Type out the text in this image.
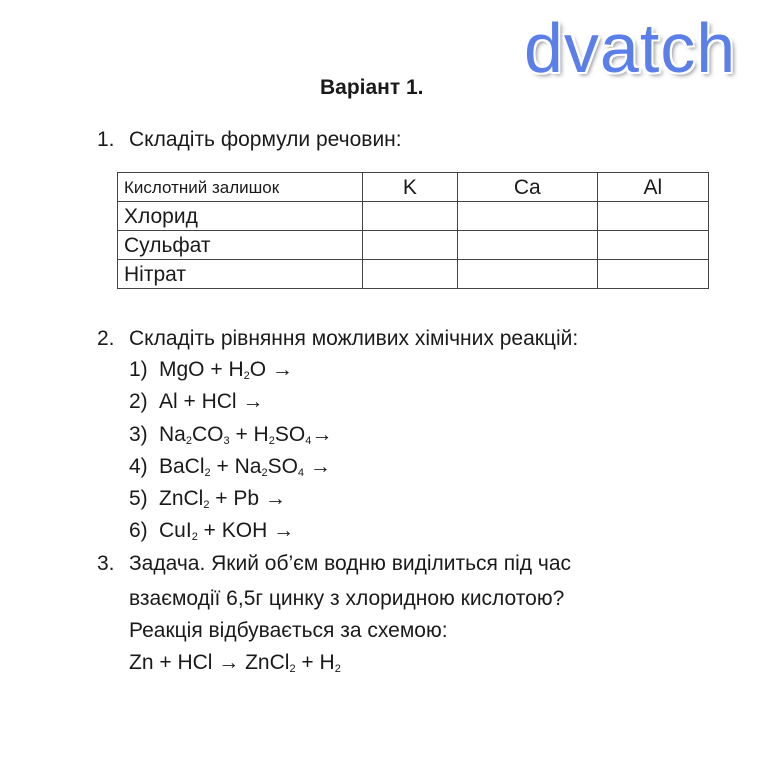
dvatch
Варіант 1.
1. Складіть формули речовин:
Кислотний залишок	K	Ca	Al
Хлорид			
Сульфат			
Нітрат			
2. Складіть рівняння можливих хімічних реакцій:
1) MgO + $H_2O$ →
2) Al + HCl →
3) $Na_2CO_3 + H_2SO_4\to$
4) BaCl$_2$ + $Na_2SO_4$ →
5) ZnCl$_2$ + Pb →
6) CuI$_2$ + KOH →
3. Задача. Який об’єм водню виділиться під час
взаємодії 6,5г цинку з хлоридною кислотою?
Реакція відбувається за схемою:
Zn + HCl → ZnCl$_2$ + $H_2$
